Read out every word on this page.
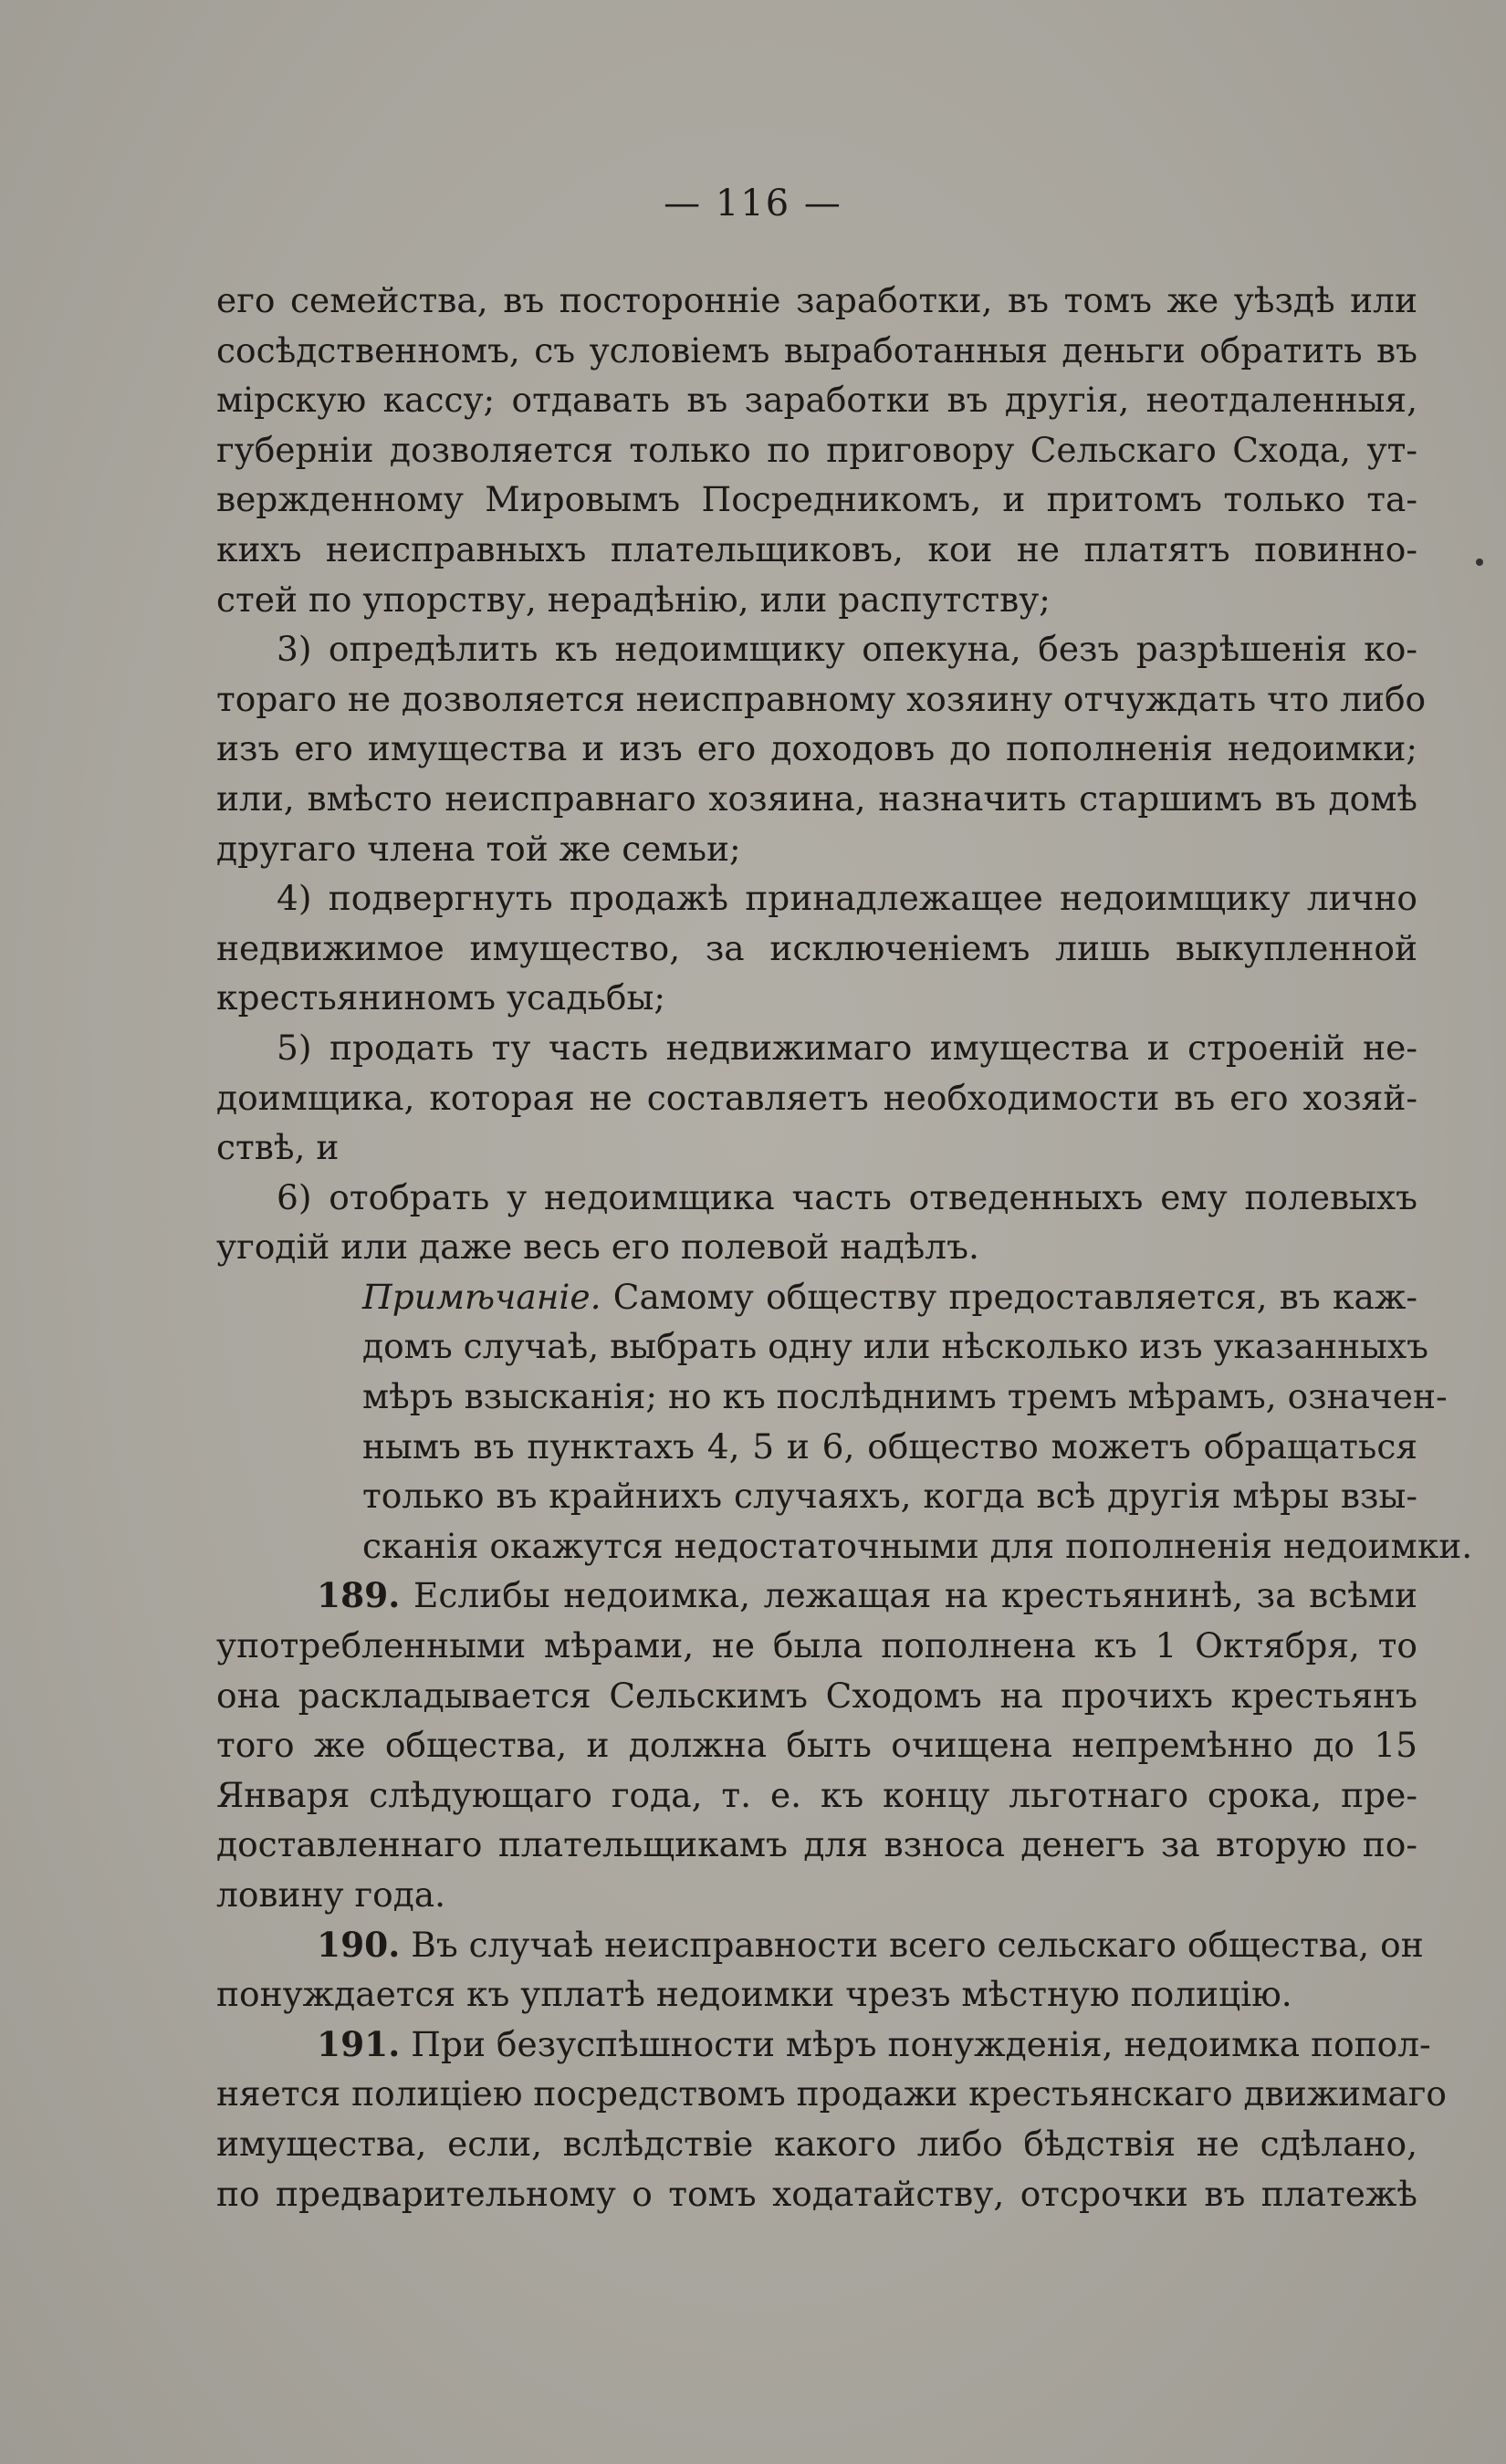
— 116 —
его семейства, въ посторонніе заработки, въ томъ же уѣздѣ или
сосѣдственномъ, съ условіемъ выработанныя деньги обратить въ
мірскую кассу; отдавать въ заработки въ другія, неотдаленныя,
губерніи дозволяется только по приговору Сельскаго Схода, ут-
вержденному Мировымъ Посредникомъ, и притомъ только та-
кихъ неисправныхъ плательщиковъ, кои не платятъ повинно-
стей по упорству, нерадѣнію, или распутству;
3) опредѣлить къ недоимщику опекуна, безъ разрѣшенія ко-
тораго не дозволяется неисправному хозяину отчуждать что либо
изъ его имущества и изъ его доходовъ до пополненія недоимки;
или, вмѣсто неисправнаго хозяина, назначить старшимъ въ домѣ
другаго члена той же семьи;
4) подвергнуть продажѣ принадлежащее недоимщику лично
недвижимое имущество, за исключеніемъ лишь выкупленной
крестьяниномъ усадьбы;
5) продать ту часть недвижимаго имущества и строеній не-
доимщика, которая не составляетъ необходимости въ его хозяй-
ствѣ, и
6) отобрать у недоимщика часть отведенныхъ ему полевыхъ
угодій или даже весь его полевой надѣлъ.
Примѣчаніе. Самому обществу предоставляется, въ каж-
домъ случаѣ, выбрать одну или нѣсколько изъ указанныхъ
мѣръ взысканія; но къ послѣднимъ тремъ мѣрамъ, означен-
нымъ въ пунктахъ 4, 5 и 6, общество можетъ обращаться
только въ крайнихъ случаяхъ, когда всѣ другія мѣры взы-
сканія окажутся недостаточными для пополненія недоимки.
189. Еслибы недоимка, лежащая на крестьянинѣ, за всѣми
употребленными мѣрами, не была пополнена къ 1 Октября, то
она раскладывается Сельскимъ Сходомъ на прочихъ крестьянъ
того же общества, и должна быть очищена непремѣнно до 15
Января слѣдующаго года, т. е. къ концу льготнаго срока, пре-
доставленнаго плательщикамъ для взноса денегъ за вторую по-
ловину года.
190. Въ случаѣ неисправности всего сельскаго общества, он
понуждается къ уплатѣ недоимки чрезъ мѣстную полицію.
191. При безуспѣшности мѣръ понужденія, недоимка попол-
няется полиціею посредствомъ продажи крестьянскаго движимаго
имущества, если, вслѣдствіе какого либо бѣдствія не сдѣлано,
по предварительному о томъ ходатайству, отсрочки въ платежѣ
